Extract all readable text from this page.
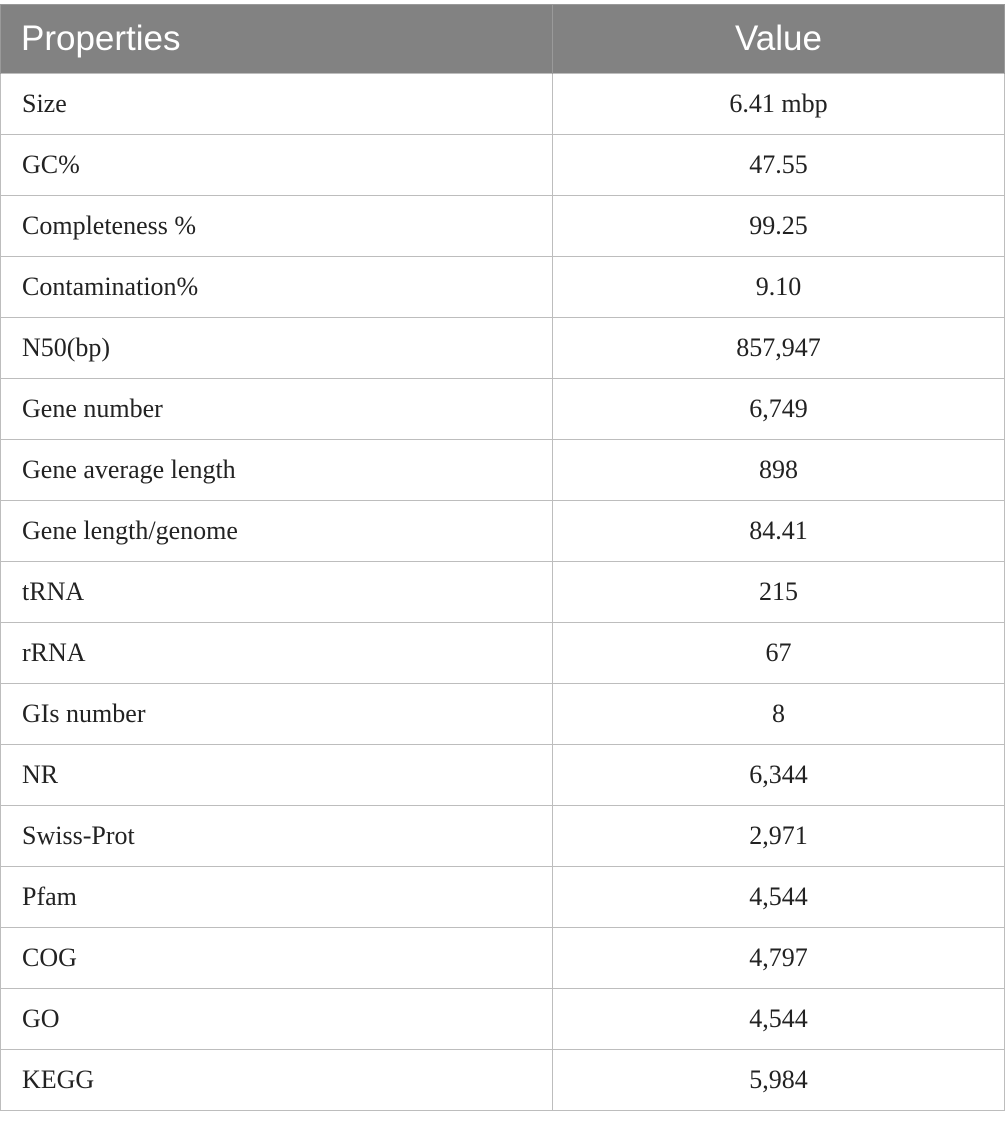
Properties	Value
Size	6.41 mbp
GC%	47.55
Completeness %	99.25
Contamination%	9.10
N50(bp)	857,947
Gene number	6,749
Gene average length	898
Gene length/genome	84.41
tRNA	215
rRNA	67
GIs number	8
NR	6,344
Swiss-Prot	2,971
Pfam	4,544
COG	4,797
GO	4,544
KEGG	5,984
